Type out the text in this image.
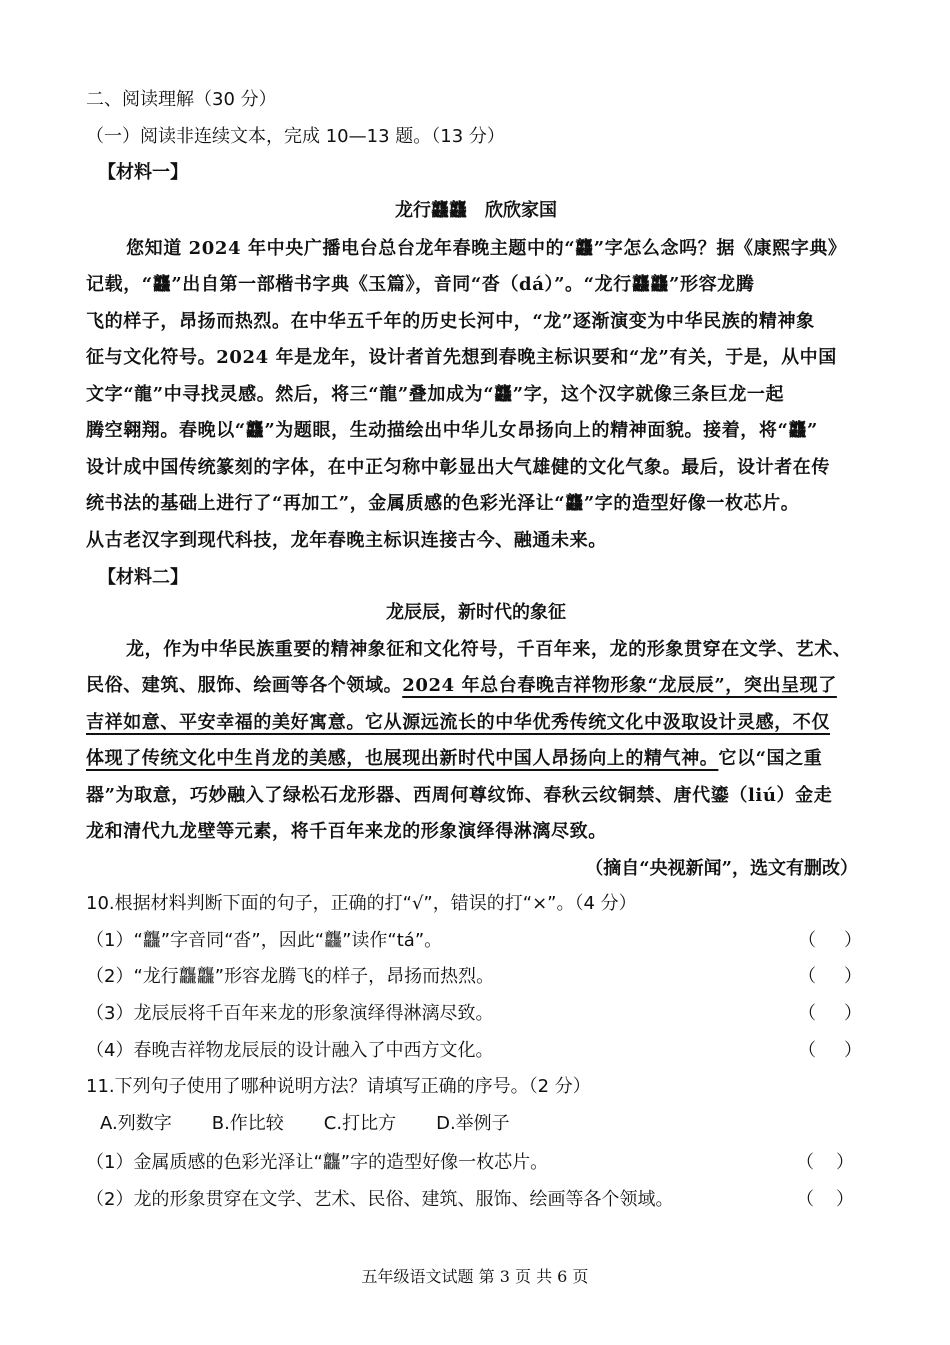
二、阅读理解（30 分）
（一）阅读非连续文本，完成 10—13 题。（13 分）
【材料一】
龙行龘龘　欣欣家国
您知道 2024 年中央广播电台总台龙年春晚主题中的“龘”字怎么念吗？据《康熙字典》
记载，“龘”出自第一部楷书字典《玉篇》，音同“沓（dá）”。“龙行龘龘”形容龙腾
飞的样子，昂扬而热烈。在中华五千年的历史长河中，“龙”逐渐演变为中华民族的精神象
征与文化符号。2024 年是龙年，设计者首先想到春晚主标识要和“龙”有关，于是，从中国
文字“龍”中寻找灵感。然后，将三“龍”叠加成为“龘”字，这个汉字就像三条巨龙一起
腾空翱翔。春晚以“龘”为题眼，生动描绘出中华儿女昂扬向上的精神面貌。接着，将“龘”
设计成中国传统篆刻的字体，在中正匀称中彰显出大气雄健的文化气象。最后，设计者在传
统书法的基础上进行了“再加工”，金属质感的色彩光泽让“龘”字的造型好像一枚芯片。
从古老汉字到现代科技，龙年春晚主标识连接古今、融通未来。
【材料二】
龙辰辰，新时代的象征
龙，作为中华民族重要的精神象征和文化符号，千百年来，龙的形象贯穿在文学、艺术、
民俗、建筑、服饰、绘画等各个领域。2024 年总台春晚吉祥物形象“龙辰辰”，突出呈现了
吉祥如意、平安幸福的美好寓意。它从源远流长的中华优秀传统文化中汲取设计灵感，不仅
体现了传统文化中生肖龙的美感，也展现出新时代中国人昂扬向上的精气神。它以“国之重
器”为取意，巧妙融入了绿松石龙形器、西周何尊纹饰、春秋云纹铜禁、唐代鎏（liú）金走
龙和清代九龙壁等元素，将千百年来龙的形象演绎得淋漓尽致。
（摘自“央视新闻”，选文有删改）
10.根据材料判断下面的句子，正确的打“√”，错误的打“×”。（4 分）
（1）“龘”字音同“沓”，因此“龘”读作“tá”。	（ ）
（2）“龙行龘龘”形容龙腾飞的样子，昂扬而热烈。	（ ）
（3）龙辰辰将千百年来龙的形象演绎得淋漓尽致。	（ ）
（4）春晚吉祥物龙辰辰的设计融入了中西方文化。	（ ）
11.下列句子使用了哪种说明方法？请填写正确的序号。（2 分）
A.列数字 B.作比较 C.打比方 D.举例子
（1）金属质感的色彩光泽让“龘”字的造型好像一枚芯片。	（ ）
（2）龙的形象贯穿在文学、艺术、民俗、建筑、服饰、绘画等各个领域。	（ ）
五年级语文试题 第 3 页 共 6 页
